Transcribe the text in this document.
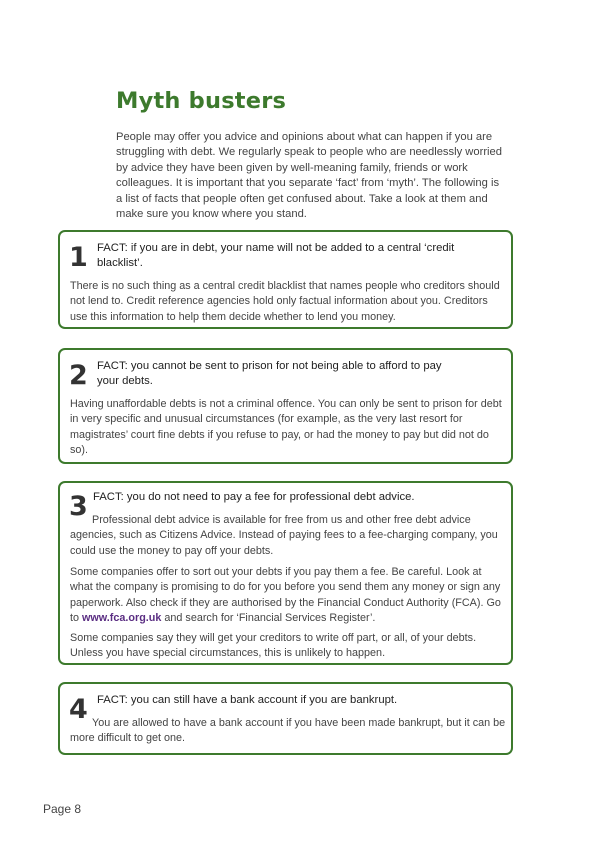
Myth busters

People may offer you advice and opinions about what can happen if you are struggling with debt. We regularly speak to people who are needlessly worried by advice they have been given by well-meaning family, friends or work colleagues. It is important that you separate ‘fact’ from ‘myth’. The following is a list of facts that people often get confused about. Take a look at them and make sure you know where you stand.

1 FACT: if you are in debt, your name will not be added to a central ‘credit blacklist’.

There is no such thing as a central credit blacklist that names people who creditors should not lend to. Credit reference agencies hold only factual information about you. Creditors use this information to help them decide whether to lend you money.

2 FACT: you cannot be sent to prison for not being able to afford to pay your debts.

Having unaffordable debts is not a criminal offence. You can only be sent to prison for debt in very specific and unusual circumstances (for example, as the very last resort for magistrates’ court fine debts if you refuse to pay, or had the money to pay but did not do so).

3 FACT: you do not need to pay a fee for professional debt advice.

Professional debt advice is available for free from us and other free debt advice agencies, such as Citizens Advice. Instead of paying fees to a fee-charging company, you could use the money to pay off your debts.

Some companies offer to sort out your debts if you pay them a fee. Be careful. Look at what the company is promising to do for you before you send them any money or sign any paperwork. Also check if they are authorised by the Financial Conduct Authority (FCA). Go to www.fca.org.uk and search for ‘Financial Services Register’.

Some companies say they will get your creditors to write off part, or all, of your debts. Unless you have special circumstances, this is unlikely to happen.

4 FACT: you can still have a bank account if you are bankrupt.

You are allowed to have a bank account if you have been made bankrupt, but it can be more difficult to get one.

Page 8
